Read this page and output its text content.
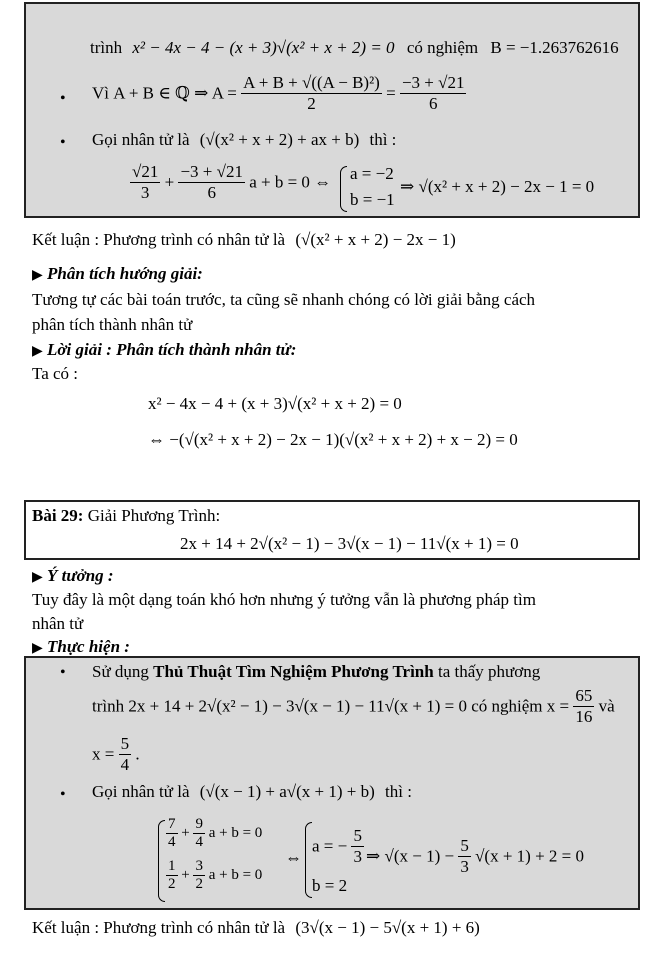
trình x² − 4x − 4 − (x + 3)√(x² + x + 2) = 0 có nghiệm B = −1.263762616
• Vì A + B ∈ ℚ ⇒ $A = \frac{\text{A + B + √((A − B)²)}}{2} = \frac{-3 + √21}{6}$
• Gọi nhân tử là (√(x² + x + 2) + ax + b) thì :
$\frac{√21}{3} + \frac{-3 + √21}{6}$ a + b = 0 ⇔ a = −2
b = −1
⇒ √(x² + x + 2) − 2x − 1 = 0
Kết luận : Phương trình có nhân tử là (√(x² + x + 2) − 2x − 1)
▶ Phân tích hướng giải:
Tương tự các bài toán trước, ta cũng sẽ nhanh chóng có lời giải bằng cách
phân tích thành nhân tử
▶ Lời giải : Phân tích thành nhân tử:
Ta có :
x² − 4x − 4 + (x + 3)√(x² + x + 2) = 0
⇔ −(√(x² + x + 2) − 2x − 1)(√(x² + x + 2) + x − 2) = 0
Bài 29: Giải Phương Trình:
2x + 14 + 2√(x² − 1) − 3√(x − 1) − 11√(x + 1) = 0
▶ Ý tưởng :
Tuy đây là một dạng toán khó hơn nhưng ý tưởng vẫn là phương pháp tìm
nhân tử
▶ Thực hiện :
• Sử dụng Thủ Thuật Tìm Nghiệm Phương Trình ta thấy phương
trình 2x + 14 + 2√(x² − 1) − 3√(x − 1) − 11√(x + 1) = 0 có nghiệm $x = \frac{65}{16}$ và
$x = \frac{5}{4}$ .
• Gọi nhân tử là (√(x − 1) + a√(x + 1) + b) thì :
$\frac{7}{4} + \frac{9}{4}$ a + b = 0
$\frac{1}{2} + \frac{3}{2}$ a + b = 0
⇔
a = − $\frac{5}{3}$
b = 2
⇒ $√(x - 1) - \frac{5}{3} √(x + 1) + 2 = 0$
Kết luận : Phương trình có nhân tử là (3√(x − 1) − 5√(x + 1) + 6)
